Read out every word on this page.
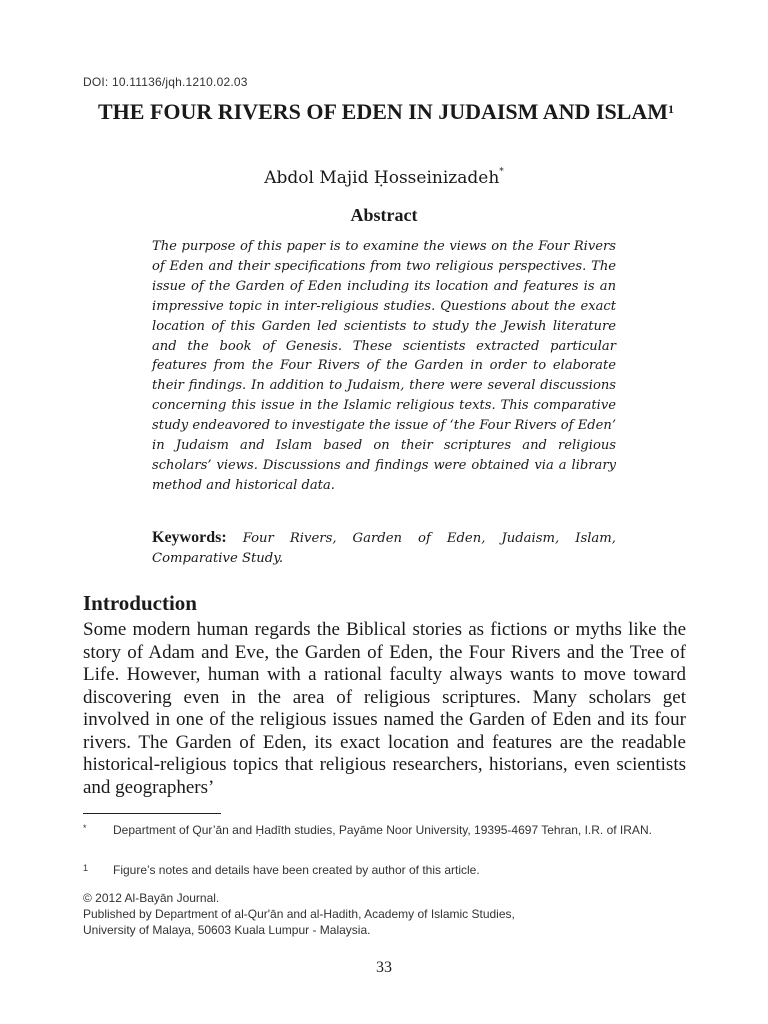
DOI: 10.11136/jqh.1210.02.03
THE FOUR RIVERS OF EDEN IN JUDAISM AND ISLAM$^1$
Abdol Majid Ḥosseinizadeh*
Abstract

The purpose of this paper is to examine the views on the Four Rivers of Eden and their specifications from two religious perspectives. The issue of the Garden of Eden including its location and features is an impressive topic in inter-religious studies. Questions about the exact location of this Garden led scientists to study the Jewish literature and the book of Genesis. These scientists extracted particular features from the Four Rivers of the Garden in order to elaborate their findings. In addition to Judaism, there were several discussions concerning this issue in the Islamic religious texts. This comparative study endeavored to investigate the issue of ‘the Four Rivers of Eden’ in Judaism and Islam based on their scriptures and religious scholars’ views. Discussions and findings were obtained via a library method and historical data.

Keywords: Four Rivers, Garden of Eden, Judaism, Islam, Comparative Study.

Introduction

Some modern human regards the Biblical stories as fictions or myths like the story of Adam and Eve, the Garden of Eden, the Four Rivers and the Tree of Life. However, human with a rational faculty always wants to move toward discovering even in the area of religious scriptures. Many scholars get involved in one of the religious issues named the Garden of Eden and its four rivers. The Garden of Eden, its exact location and features are the readable historical-religious topics that religious researchers, historians, even scientists and geographers’

* Department of Qur’ān and Ḥadīth studies, Payāme Noor University, 19395-4697 Tehran, I.R. of IRAN.
1 Figure’s notes and details have been created by author of this article.
© 2012 Al-Bayān Journal.
Published by Department of al-Qur'ān and al-Hadith, Academy of Islamic Studies,
University of Malaya, 50603 Kuala Lumpur - Malaysia.
33
